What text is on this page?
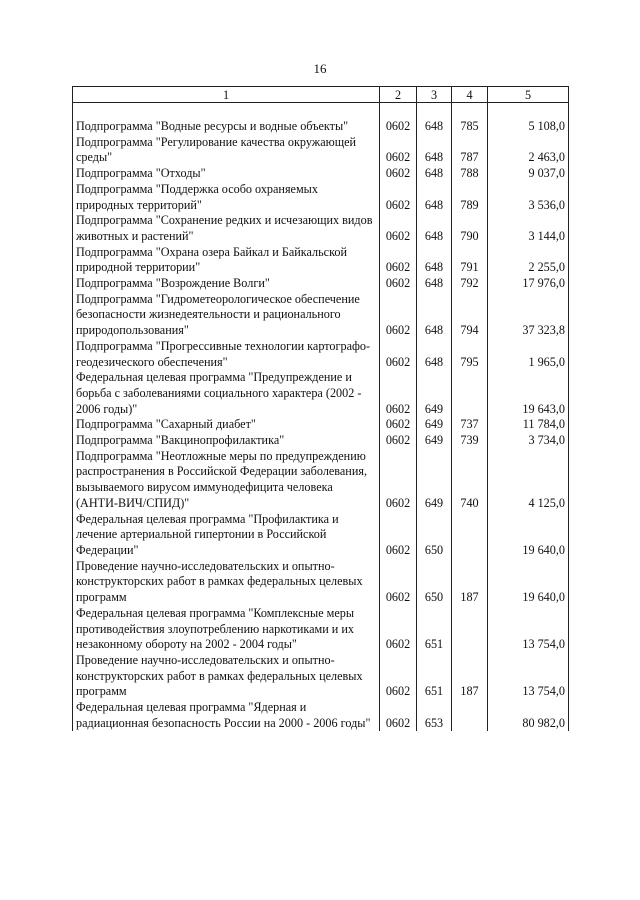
16
1	2	3	4	5

Подпрограмма "Водные ресурсы и водные объекты"	0602	648	785	5 108,0
Подпрограмма "Регулирование качества окружающей среды"	0602	648	787	2 463,0
Подпрограмма "Отходы"	0602	648	788	9 037,0
Подпрограмма "Поддержка особо охраняемых природных территорий"	0602	648	789	3 536,0
Подпрограмма "Сохранение редких и исчезающих видов животных и растений"	0602	648	790	3 144,0
Подпрограмма "Охрана озера Байкал и Байкальской природной территории"	0602	648	791	2 255,0
Подпрограмма "Возрождение Волги"	0602	648	792	17 976,0
Подпрограмма "Гидрометеорологическое обеспечение безопасности жизнедеятельности и рационального природопользования"	0602	648	794	37 323,8
Подпрограмма "Прогрессивные технологии картографо-геодезического обеспечения"	0602	648	795	1 965,0
Федеральная целевая программа "Предупреждение и борьба с заболеваниями социального характера (2002 - 2006 годы)"	0602	649		19 643,0
Подпрограмма "Сахарный диабет"	0602	649	737	11 784,0
Подпрограмма "Вакцинопрофилактика"	0602	649	739	3 734,0
Подпрограмма "Неотложные меры по предупреждению распространения в Российской Федерации заболевания, вызываемого вирусом иммунодефицита человека (АНТИ-ВИЧ/СПИД)"	0602	649	740	4 125,0
Федеральная целевая программа "Профилактика и лечение артериальной гипертонии в Российской Федерации"	0602	650		19 640,0
Проведение научно-исследовательских и опытно-конструкторских работ в рамках федеральных целевых программ	0602	650	187	19 640,0
Федеральная целевая программа "Комплексные меры противодействия злоупотреблению наркотиками и их незаконному обороту на 2002 - 2004 годы"	0602	651		13 754,0
Проведение научно-исследовательских и опытно-конструкторских работ в рамках федеральных целевых программ	0602	651	187	13 754,0
Федеральная целевая программа "Ядерная и радиационная безопасность России на 2000 - 2006 годы"	0602	653		80 982,0
